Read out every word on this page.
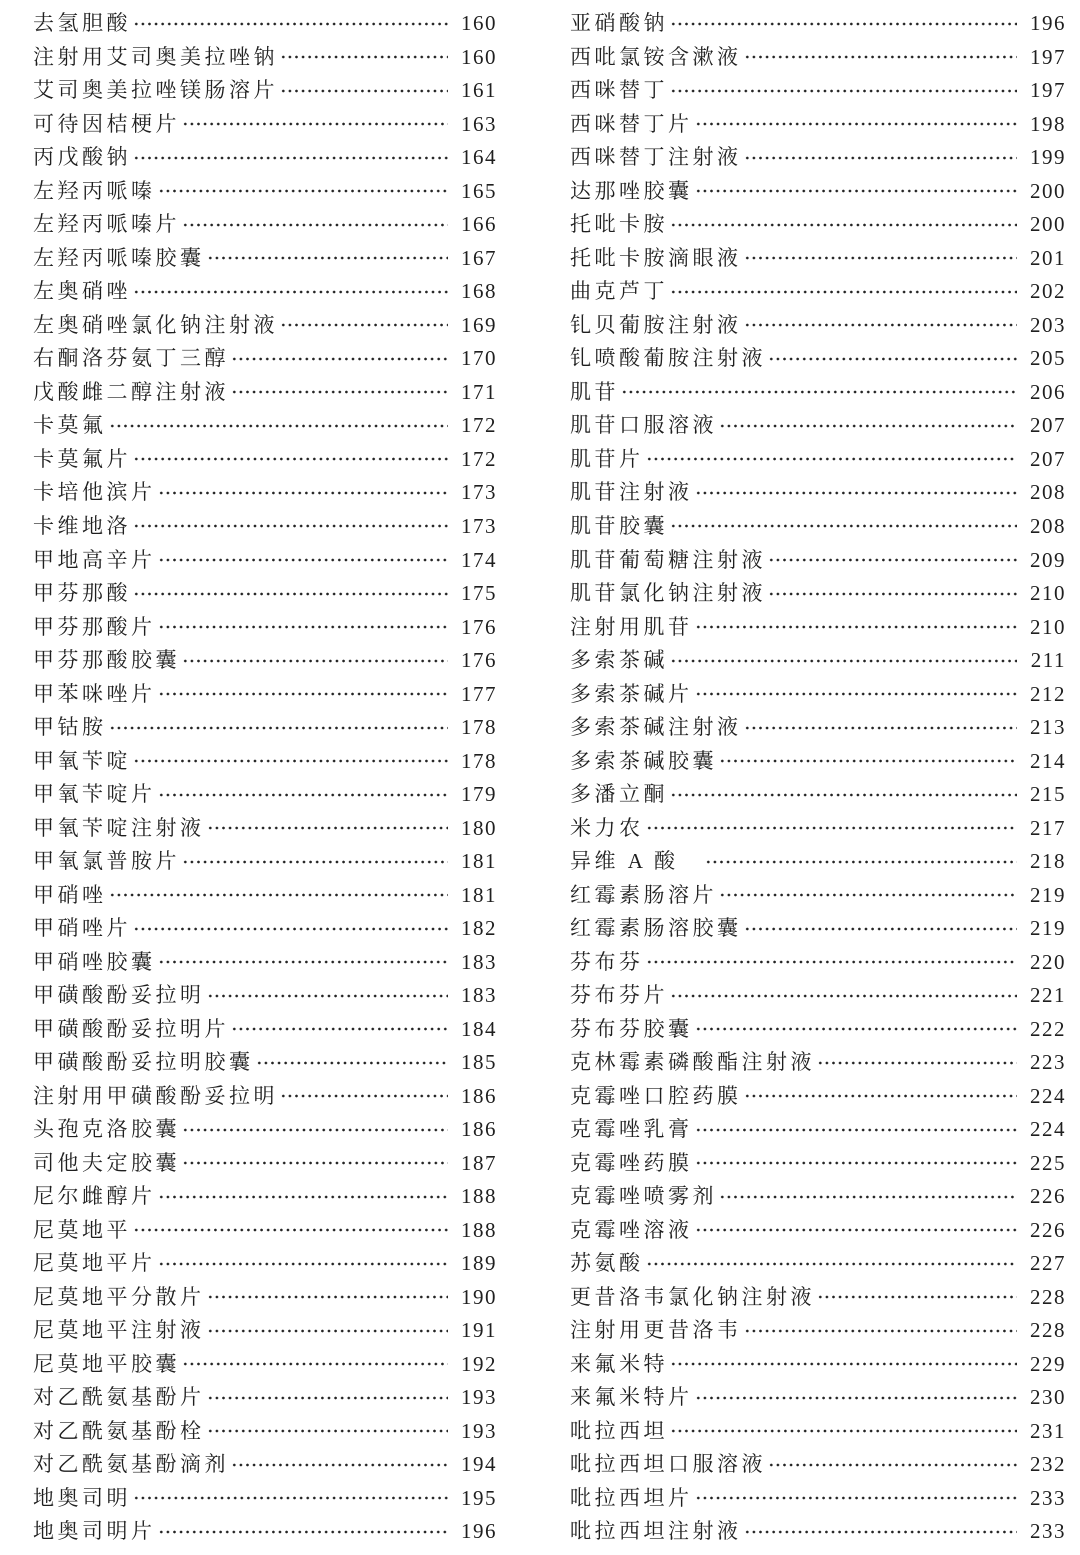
去氢胆酸	160
注射用艾司奥美拉唑钠	160
艾司奥美拉唑镁肠溶片	161
可待因桔梗片	163
丙戊酸钠	164
左羟丙哌嗪	165
左羟丙哌嗪片	166
左羟丙哌嗪胶囊	167
左奥硝唑	168
左奥硝唑氯化钠注射液	169
右酮洛芬氨丁三醇	170
戊酸雌二醇注射液	171
卡莫氟	172
卡莫氟片	172
卡培他滨片	173
卡维地洛	173
甲地高辛片	174
甲芬那酸	175
甲芬那酸片	176
甲芬那酸胶囊	176
甲苯咪唑片	177
甲钴胺	178
甲氧苄啶	178
甲氧苄啶片	179
甲氧苄啶注射液	180
甲氧氯普胺片	181
甲硝唑	181
甲硝唑片	182
甲硝唑胶囊	183
甲磺酸酚妥拉明	183
甲磺酸酚妥拉明片	184
甲磺酸酚妥拉明胶囊	185
注射用甲磺酸酚妥拉明	186
头孢克洛胶囊	186
司他夫定胶囊	187
尼尔雌醇片	188
尼莫地平	188
尼莫地平片	189
尼莫地平分散片	190
尼莫地平注射液	191
尼莫地平胶囊	192
对乙酰氨基酚片	193
对乙酰氨基酚栓	193
对乙酰氨基酚滴剂	194
地奥司明	195
地奥司明片	196
亚硝酸钠	196
西吡氯铵含漱液	197
西咪替丁	197
西咪替丁片	198
西咪替丁注射液	199
达那唑胶囊	200
托吡卡胺	200
托吡卡胺滴眼液	201
曲克芦丁	202
钆贝葡胺注射液	203
钆喷酸葡胺注射液	205
肌苷	206
肌苷口服溶液	207
肌苷片	207
肌苷注射液	208
肌苷胶囊	208
肌苷葡萄糖注射液	209
肌苷氯化钠注射液	210
注射用肌苷	210
多索茶碱	211
多索茶碱片	212
多索茶碱注射液	213
多索茶碱胶囊	214
多潘立酮	215
米力农	217
异维 A 酸　	218
红霉素肠溶片	219
红霉素肠溶胶囊	219
芬布芬	220
芬布芬片	221
芬布芬胶囊	222
克林霉素磷酸酯注射液	223
克霉唑口腔药膜	224
克霉唑乳膏	224
克霉唑药膜	225
克霉唑喷雾剂	226
克霉唑溶液	226
苏氨酸	227
更昔洛韦氯化钠注射液	228
注射用更昔洛韦	228
来氟米特	229
来氟米特片	230
吡拉西坦	231
吡拉西坦口服溶液	232
吡拉西坦片	233
吡拉西坦注射液	233
